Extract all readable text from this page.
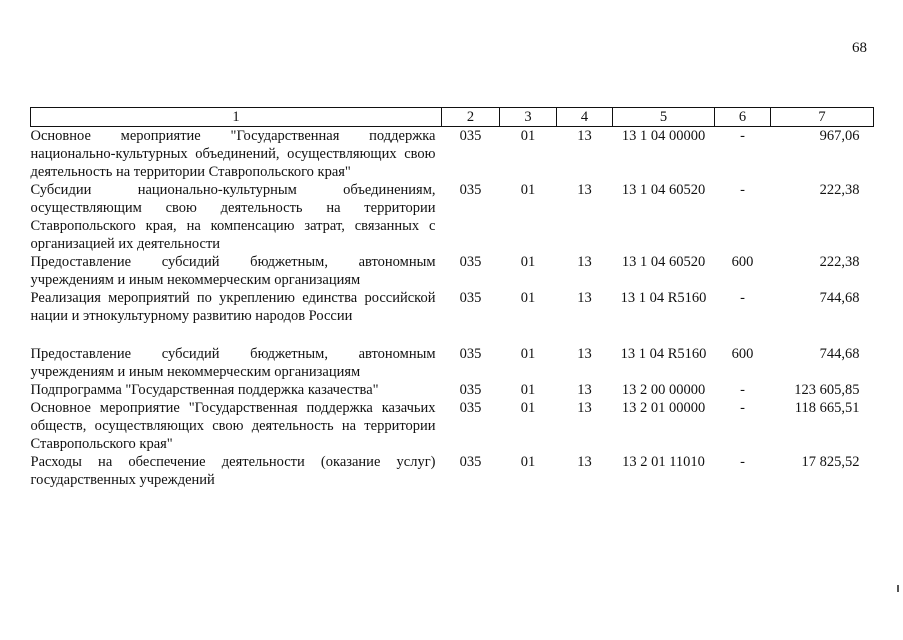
68
1	2	3	4	5	6	7
Основное мероприятие "Государственная поддержка национально-культурных объединений, осуществляющих свою деятельность на территории Ставропольского края"	035	01	13	13 1 04 00000	-	967,06
Субсидии национально-культурным объединениям, осуществляющим свою деятельность на территории Ставропольского края, на компенсацию затрат, связанных с организацией их деятельности	035	01	13	13 1 04 60520	-	222,38
Предоставление субсидий бюджетным, автономным учреждениям и иным некоммерческим организациям	035	01	13	13 1 04 60520	600	222,38
Реализация мероприятий по укреплению единства российской нации и этнокультурному развитию народов России	035	01	13	13 1 04 R5160	-	744,68

Предоставление субсидий бюджетным, автономным учреждениям и иным некоммерческим организациям	035	01	13	13 1 04 R5160	600	744,68
Подпрограмма "Государственная поддержка казачества"	035	01	13	13 2 00 00000	-	123 605,85
Основное мероприятие "Государственная поддержка казачьих обществ, осуществляющих свою деятельность на территории Ставропольского края"	035	01	13	13 2 01 00000	-	118 665,51
Расходы на обеспечение деятельности (оказание услуг) государственных учреждений	035	01	13	13 2 01 11010	-	17 825,52
